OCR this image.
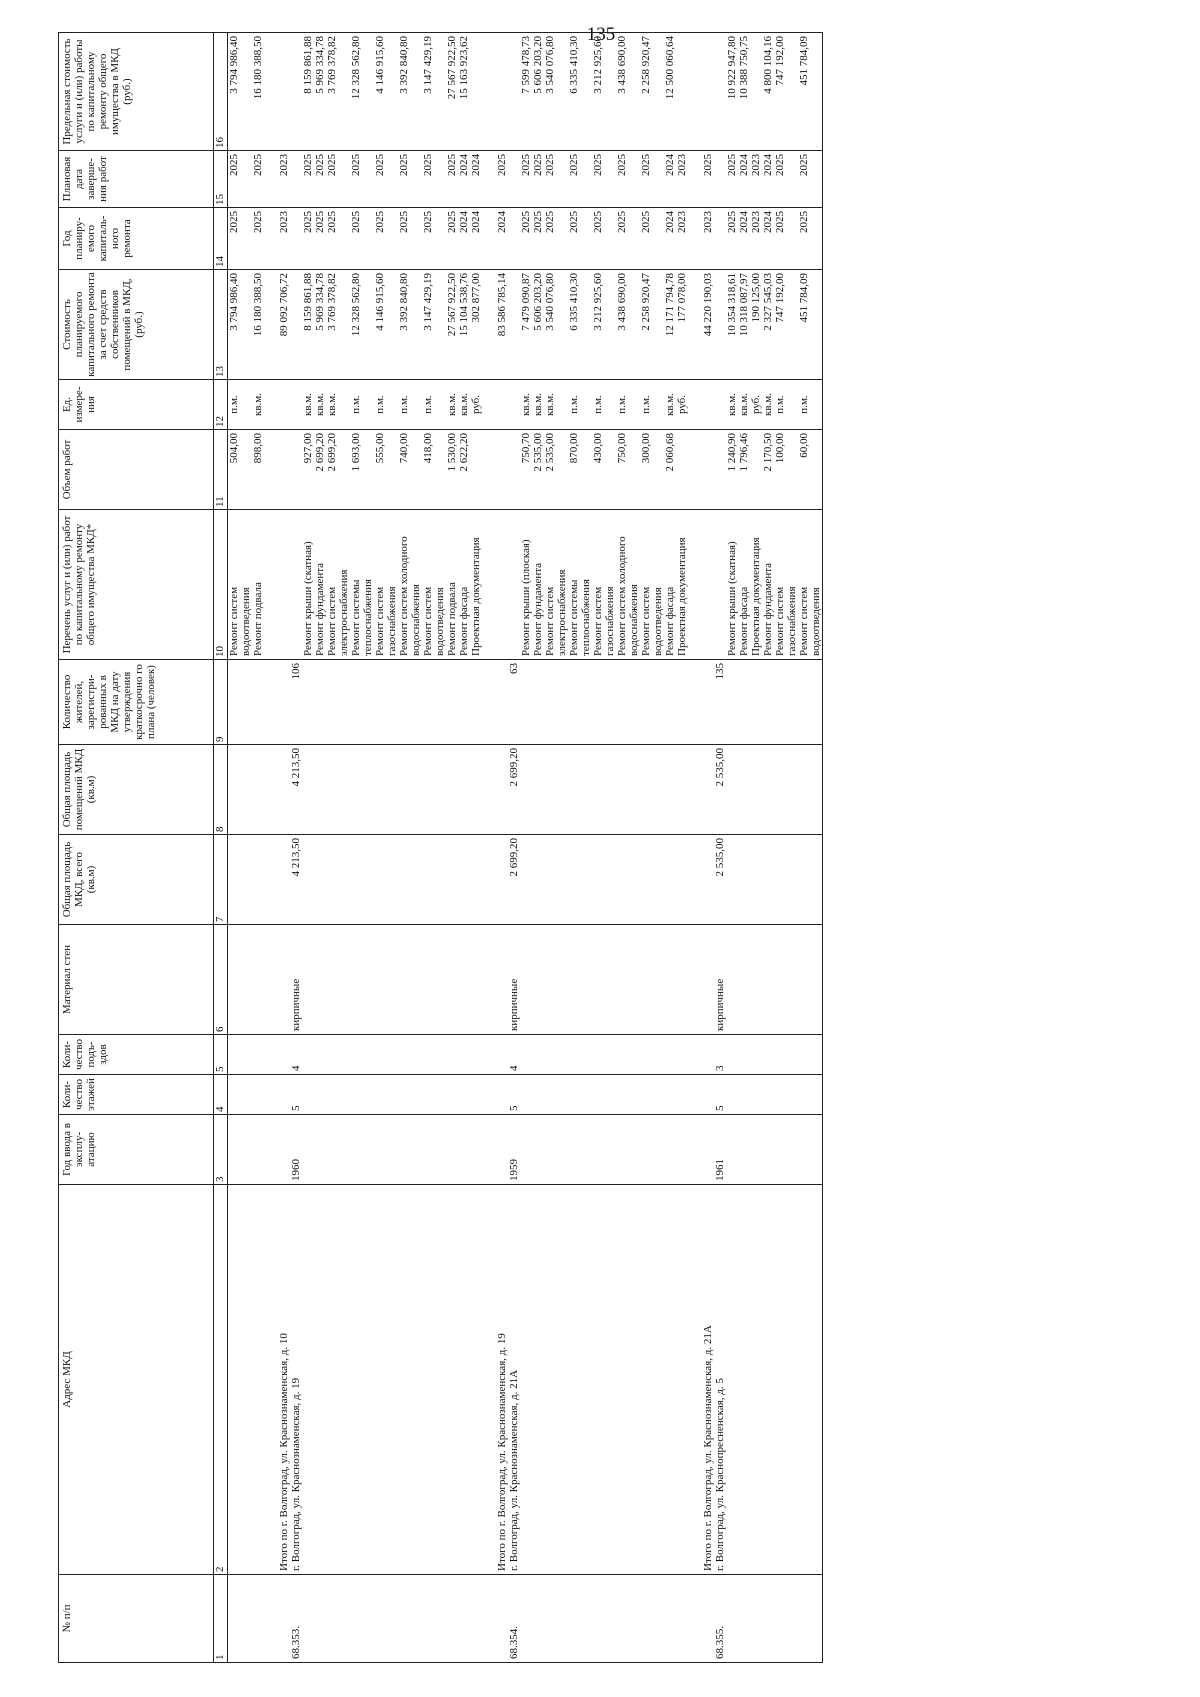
135
№ п/п	Адрес МКД	Год ввода в эксплу-атацию	Коли-чество этажей	Коли-чество подъ-здов	Материал стен	Общая площадь МКД, всего (кв.м)	Общая площадь помещений МКД (кв.м)	Количество жителей, зарегистри-рованных в МКД на дату утверждения краткосрочно го плана (человек)	Перечень услуг и (или) работ по капитальному ремонту общего имущества МКД*	Объем работ	Ед. измере-ния	Стоимость планируемого капитального ремонта за счет средств собственников помещений в МКД, (руб.)	Год планиру-емого капиталь-ного ремонта	Плановая дата заверше-ния работ	Предельная стоимость услуги и (или) работы по капитальному ремонту общего имущества в МКД (руб.)
1	2	3	4	5	6	7	8	9	10	11	12	13	14	15	16

									Ремонт систем водоотведения	504,00	п.м.	3 794 986,40	2025	2025	3 794 986,40

									Ремонт подвала	898,00	кв.м.	16 180 388,50	2025	2025	16 180 388,50
	Итого по г. Волгоград, ул. Краснознаменская, д. 10											89 092 706,72	2023	2023	
68.353.	г. Волгоград, ул. Краснознаменская, д. 19	1960	5	4	кирпичные	4 213,50	4 213,50	106							

									Ремонт крыши (скатная)	927,00	кв.м.	8 159 861,88	2025	2025	8 159 861,88

									Ремонт фундамента	2 699,20	кв.м.	5 969 334,78	2025	2025	5 969 334,78

									Ремонт систем электроснабжения	2 699,20	кв.м.	3 769 378,82	2025	2025	3 769 378,82

									Ремонт системы теплоснабжения	1 693,00	п.м.	12 328 562,80	2025	2025	12 328 562,80

									Ремонт систем газоснабжения	555,00	п.м.	4 146 915,60	2025	2025	4 146 915,60

									Ремонт систем холодного водоснабжения	740,00	п.м.	3 392 840,80	2025	2025	3 392 840,80

									Ремонт систем водоотведения	418,00	п.м.	3 147 429,19	2025	2025	3 147 429,19

									Ремонт подвала	1 530,00	кв.м.	27 567 922,50	2025	2025	27 567 922,50

									Ремонт фасада	2 622,20	кв.м.	15 104 538,76	2024	2024	15 163 923,62

									Проектная документация		руб.	302 877,00	2024	2024	
	Итого по г. Волгоград, ул. Краснознаменская, д. 19											83 586 785,14	2024	2025	
68.354.	г. Волгоград, ул. Краснознаменская, д. 21А	1959	5	4	кирпичные	2 699,20	2 699,20	63							

									Ремонт крыши (плоская)	750,70	кв.м.	7 479 090,87	2025	2025	7 599 478,73

									Ремонт фундамента	2 535,00	кв.м.	5 606 203,20	2025	2025	5 606 203,20

									Ремонт систем электроснабжения	2 535,00	кв.м.	3 540 076,80	2025	2025	3 540 076,80

									Ремонт системы теплоснабжения	870,00	п.м.	6 335 410,30	2025	2025	6 335 410,30

									Ремонт систем газоснабжения	430,00	п.м.	3 212 925,60	2025	2025	3 212 925,60

									Ремонт систем холодного водоснабжения	750,00	п.м.	3 438 690,00	2025	2025	3 438 690,00

									Ремонт систем водоотведения	300,00	п.м.	2 258 920,47	2025	2025	2 258 920,47

									Ремонт фасада	2 060,68	кв.м.	12 171 794,78	2024	2024	12 500 060,64

									Проектная документация		руб.	177 078,00	2023	2023	
	Итого по г. Волгоград, ул. Краснознаменская, д. 21А											44 220 190,03	2023	2025	
68.355.	г. Волгоград, ул. Краснопресненская, д. 5	1961	5	3	кирпичные	2 535,00	2 535,00	135							

									Ремонт крыши (скатная)	1 240,90	кв.м.	10 354 318,61	2025	2025	10 922 947,80

									Ремонт фасада	1 796,46	кв.м.	10 318 087,97	2024	2024	10 388 750,75

									Проектная документация		руб.	190 125,00	2023	2023	

									Ремонт фундамента	2 170,50	кв.м.	2 327 545,03	2024	2024	4 800 104,16

									Ремонт систем газоснабжения	100,00	п.м.	747 192,00	2025	2025	747 192,00

									Ремонт систем водоотведения	60,00	п.м.	451 784,09	2025	2025	451 784,09
